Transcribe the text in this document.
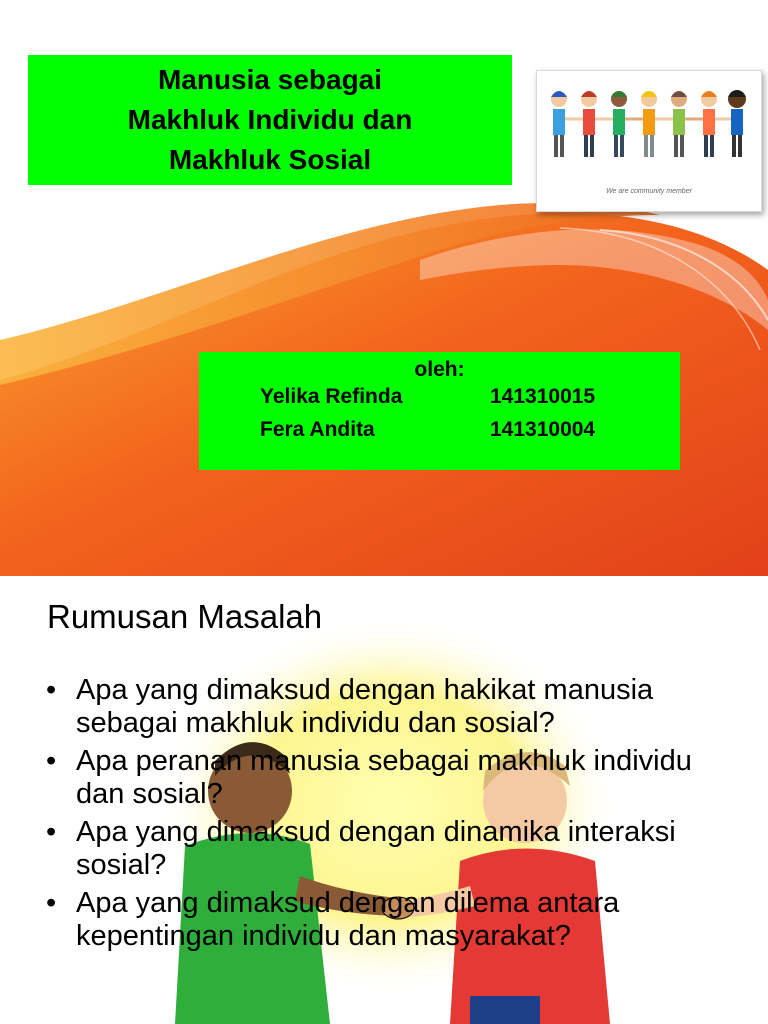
Manusia sebagai
Makhluk Individu dan
Makhluk Sosial
We are community member
oleh:
Yelika Refinda	141310015
Fera Andita	141310004
Rumusan Masalah
• Apa yang dimaksud dengan hakikat manusia sebagai makhluk individu dan sosial?
• Apa peranan manusia sebagai makhluk individu dan sosial?
• Apa yang dimaksud dengan dinamika interaksi sosial?
• Apa yang dimaksud dengan dilema antara kepentingan individu dan masyarakat?
